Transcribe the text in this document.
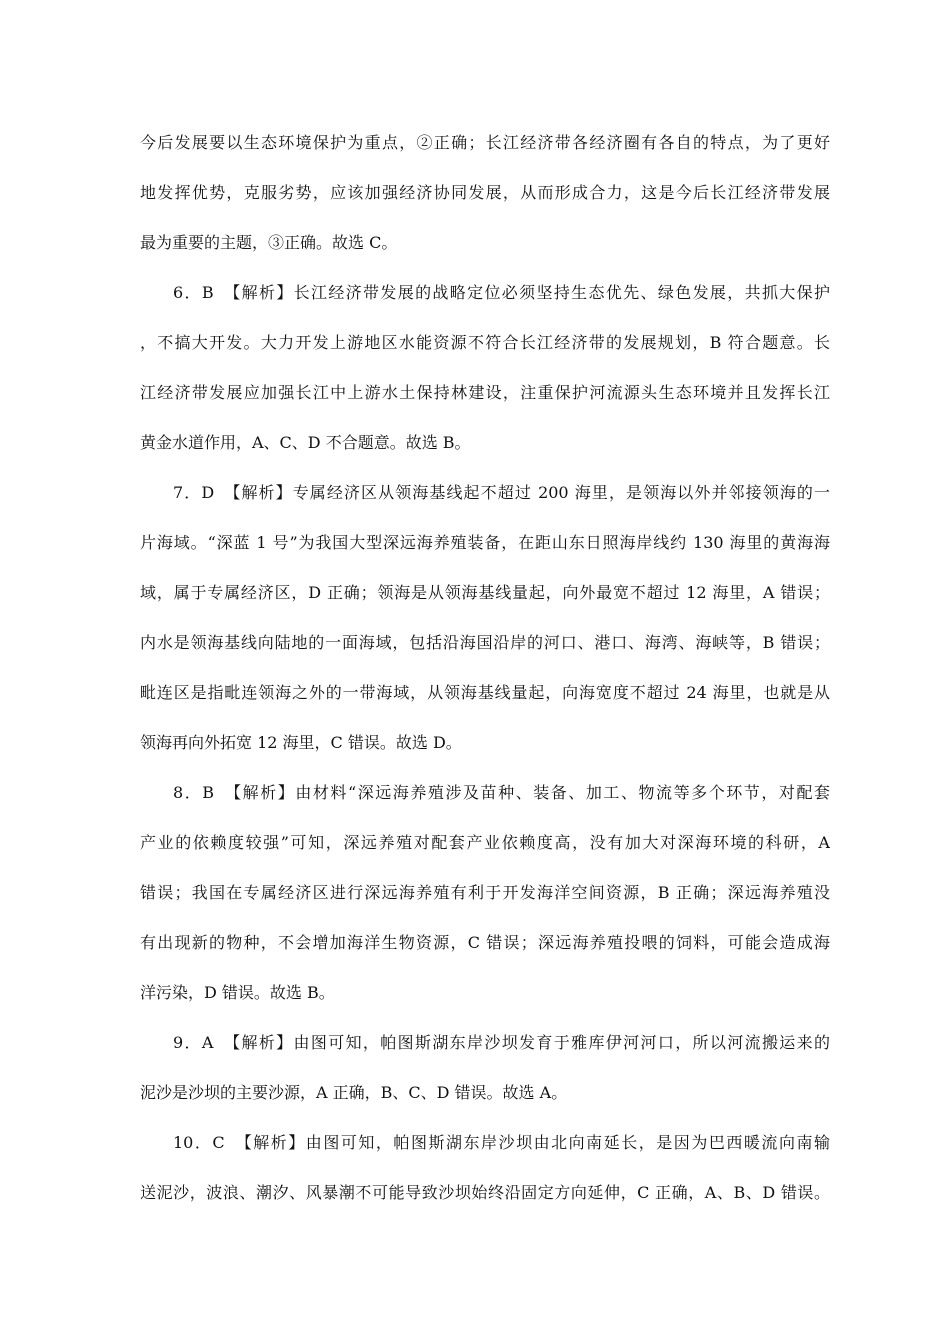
今后发展要以生态环境保护为重点，②正确；长江经济带各经济圈有各自的特点，为了更好

地发挥优势，克服劣势，应该加强经济协同发展，从而形成合力，这是今后长江经济带发展

最为重要的主题，③正确。故选 C。

6．B　【解析】长江经济带发展的战略定位必须坚持生态优先、绿色发展，共抓大保护

，不搞大开发。大力开发上游地区水能资源不符合长江经济带的发展规划，B 符合题意。长

江经济带发展应加强长江中上游水土保持林建设，注重保护河流源头生态环境并且发挥长江

黄金水道作用，A、C、D 不合题意。故选 B。

7．D　【解析】专属经济区从领海基线起不超过 200 海里，是领海以外并邻接领海的一

片海域。“深蓝 1 号”为我国大型深远海养殖装备，在距山东日照海岸线约 130 海里的黄海海

域，属于专属经济区，D 正确；领海是从领海基线量起，向外最宽不超过 12 海里，A 错误；

内水是领海基线向陆地的一面海域，包括沿海国沿岸的河口、港口、海湾、海峡等，B 错误；

毗连区是指毗连领海之外的一带海域，从领海基线量起，向海宽度不超过 24 海里，也就是从

领海再向外拓宽 12 海里，C 错误。故选 D。

8．B　【解析】由材料“深远海养殖涉及苗种、装备、加工、物流等多个环节，对配套

产业的依赖度较强”可知，深远养殖对配套产业依赖度高，没有加大对深海环境的科研，A

错误；我国在专属经济区进行深远海养殖有利于开发海洋空间资源，B 正确；深远海养殖没

有出现新的物种，不会增加海洋生物资源，C 错误；深远海养殖投喂的饲料，可能会造成海

洋污染，D 错误。故选 B。

9．A　【解析】由图可知，帕图斯湖东岸沙坝发育于雅库伊河河口，所以河流搬运来的

泥沙是沙坝的主要沙源，A 正确，B、C、D 错误。故选 A。

10．C　【解析】由图可知，帕图斯湖东岸沙坝由北向南延长，是因为巴西暖流向南输

送泥沙，波浪、潮汐、风暴潮不可能导致沙坝始终沿固定方向延伸，C 正确，A、B、D 错误。
